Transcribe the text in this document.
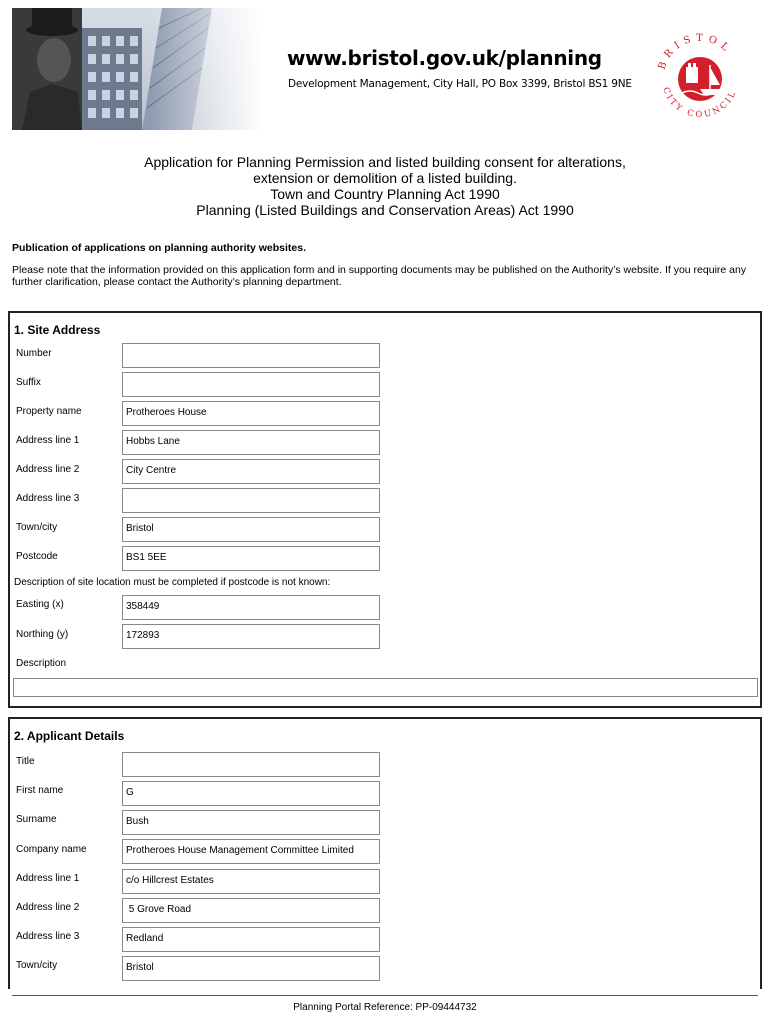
www.bristol.gov.uk/planning
Development Management, City Hall, PO Box 3399, Bristol BS1 9NE
BRISTOL
CITY COUNCIL
Application for Planning Permission and listed building consent for alterations,
extension or demolition of a listed building.
Town and Country Planning Act 1990
Planning (Listed Buildings and Conservation Areas) Act 1990
Publication of applications on planning authority websites.
Please note that the information provided on this application form and in supporting documents may be published on the Authority’s website. If you require any further clarification, please contact the Authority’s planning department.
1. Site Address
Number
Suffix
Property name	Protheroes House
Address line 1	Hobbs Lane
Address line 2	City Centre
Address line 3
Town/city	Bristol
Postcode	BS1 5EE
Description of site location must be completed if postcode is not known:
Easting (x)	358449
Northing (y)	172893
Description
2. Applicant Details
Title
First name	G
Surname	Bush
Company name	Protheroes House Management Committee Limited
Address line 1	c/o Hillcrest Estates
Address line 2	5 Grove Road
Address line 3	Redland
Town/city	Bristol
Planning Portal Reference: PP-09444732
